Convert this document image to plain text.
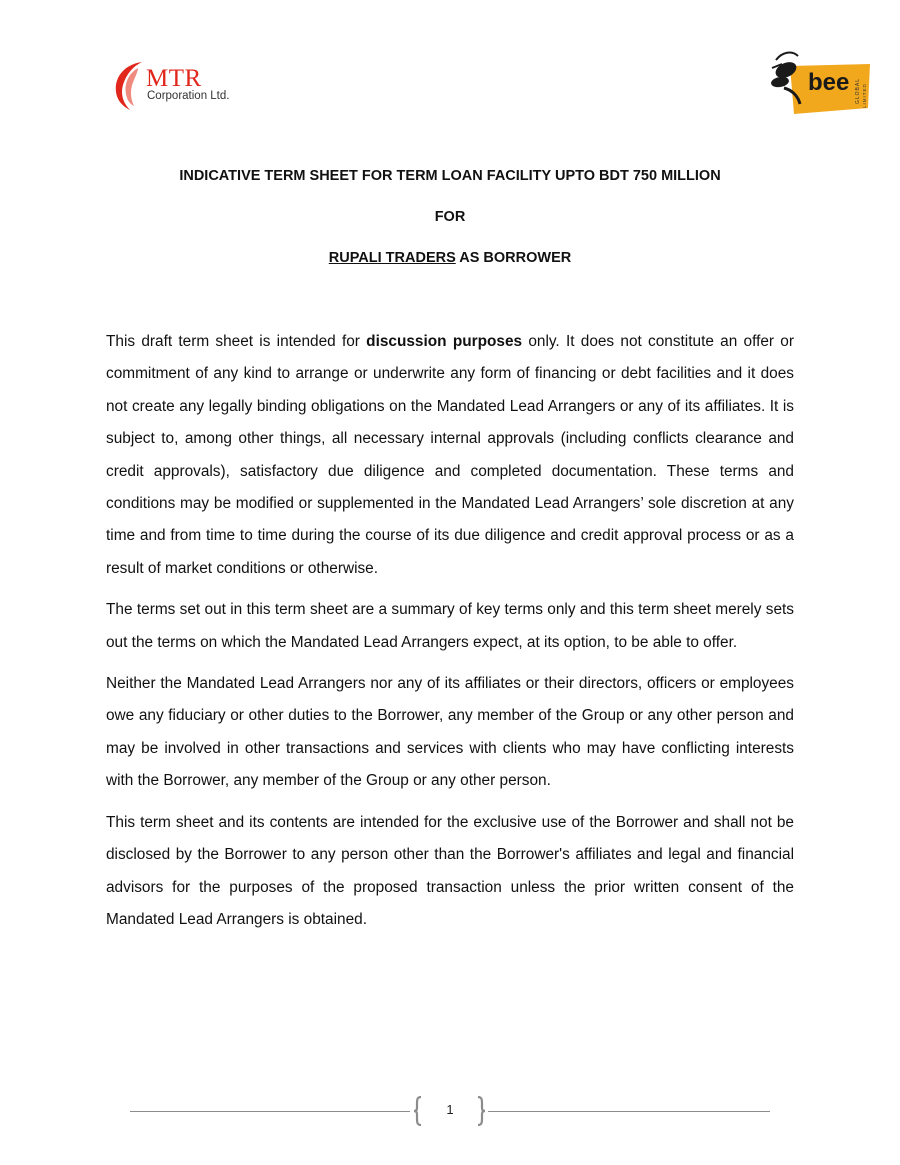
MTR
Corporation Ltd.	bee GLOBAL LIMITED
INDICATIVE TERM SHEET FOR TERM LOAN FACILITY UPTO BDT 750 MILLION
FOR
RUPALI TRADERS AS BORROWER

This draft term sheet is intended for discussion purposes only. It does not constitute an offer or commitment of any kind to arrange or underwrite any form of financing or debt facilities and it does not create any legally binding obligations on the Mandated Lead Arrangers or any of its affiliates. It is subject to, among other things, all necessary internal approvals (including conflicts clearance and credit approvals), satisfactory due diligence and completed documentation. These terms and conditions may be modified or supplemented in the Mandated Lead Arrangers’ sole discretion at any time and from time to time during the course of its due diligence and credit approval process or as a result of market conditions or otherwise.

The terms set out in this term sheet are a summary of key terms only and this term sheet merely sets out the terms on which the Mandated Lead Arrangers expect, at its option, to be able to offer.

Neither the Mandated Lead Arrangers nor any of its affiliates or their directors, officers or employees owe any fiduciary or other duties to the Borrower, any member of the Group or any other person and may be involved in other transactions and services with clients who may have conflicting interests with the Borrower, any member of the Group or any other person.

This term sheet and its contents are intended for the exclusive use of the Borrower and shall not be disclosed by the Borrower to any person other than the Borrower's affiliates and legal and financial advisors for the purposes of the proposed transaction unless the prior written consent of the Mandated Lead Arrangers is obtained.

1
